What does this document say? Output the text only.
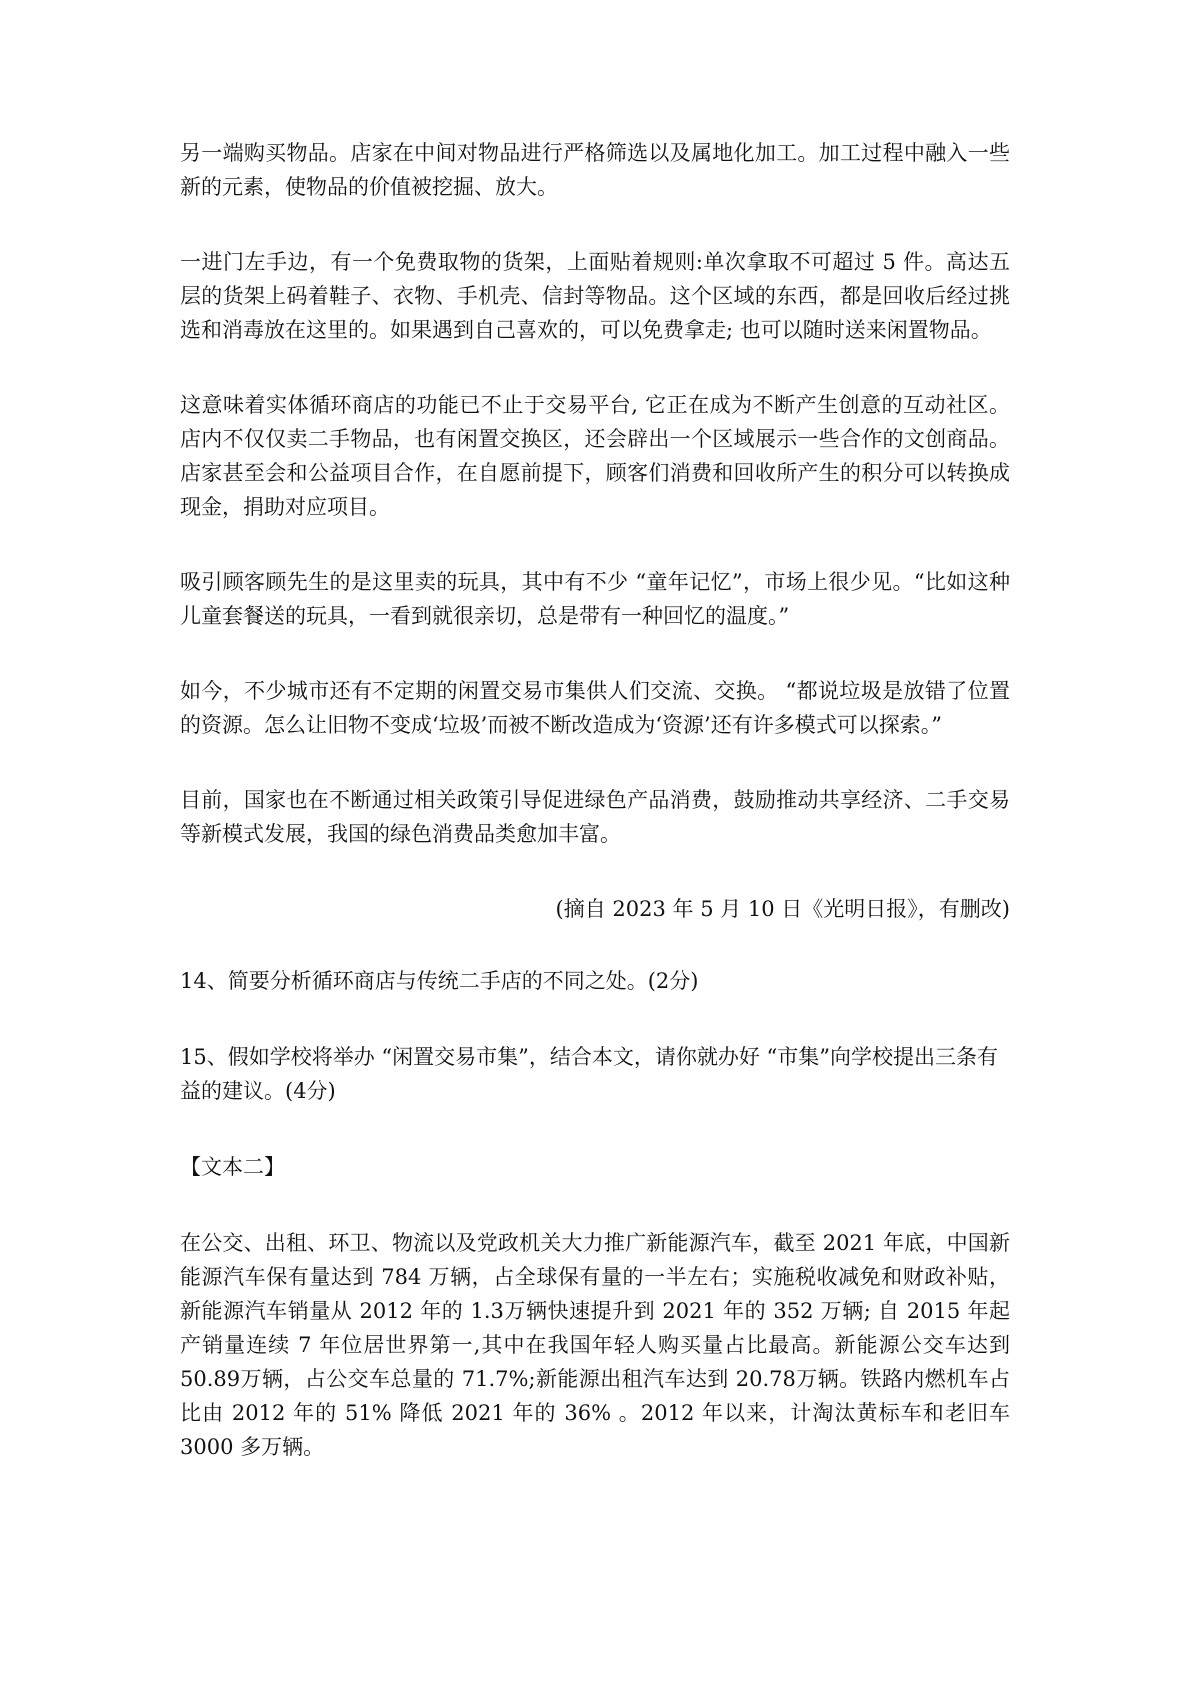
另一端购买物品。店家在中间对物品进行严格筛选以及属地化加工。加工过程中融入一些新的元素，使物品的价值被挖掘、放大。

一进门左手边，有一个免费取物的货架，上面贴着规则:单次拿取不可超过 5 件。高达五层的货架上码着鞋子、衣物、手机壳、信封等物品。这个区域的东西，都是回收后经过挑选和消毒放在这里的。如果遇到自己喜欢的，可以免费拿走; 也可以随时送来闲置物品。

这意味着实体循环商店的功能已不止于交易平台, 它正在成为不断产生创意的互动社区。店内不仅仅卖二手物品，也有闲置交换区，还会辟出一个区域展示一些合作的文创商品。店家甚至会和公益项目合作，在自愿前提下，顾客们消费和回收所产生的积分可以转换成现金，捐助对应项目。

吸引顾客顾先生的是这里卖的玩具，其中有不少 “童年记忆”，市场上很少见。“比如这种儿童套餐送的玩具，一看到就很亲切，总是带有一种回忆的温度。”

如今，不少城市还有不定期的闲置交易市集供人们交流、交换。 “都说垃圾是放错了位置的资源。怎么让旧物不变成‘垃圾’而被不断改造成为‘资源’还有许多模式可以探索。”

目前，国家也在不断通过相关政策引导促进绿色产品消费，鼓励推动共享经济、二手交易等新模式发展，我国的绿色消费品类愈加丰富。

(摘自 2023 年 5 月 10 日《光明日报》，有删改)

14、简要分析循环商店与传统二手店的不同之处。(2分)

15、假如学校将举办 “闲置交易市集”，结合本文，请你就办好 “市集”向学校提出三条有益的建议。(4分)

【文本二】

在公交、出租、环卫、物流以及党政机关大力推广新能源汽车，截至 2021 年底，中国新能源汽车保有量达到 784 万辆，占全球保有量的一半左右；实施税收减免和财政补贴，新能源汽车销量从 2012 年的 1.3万辆快速提升到 2021 年的 352 万辆; 自 2015 年起产销量连续 7 年位居世界第一,其中在我国年轻人购买量占比最高。新能源公交车达到 50.89万辆，占公交车总量的 71.7%;新能源出租汽车达到 20.78万辆。铁路内燃机车占比由 2012 年的 51% 降低 2021 年的 36% 。2012 年以来，计淘汰黄标车和老旧车 3000 多万辆。
